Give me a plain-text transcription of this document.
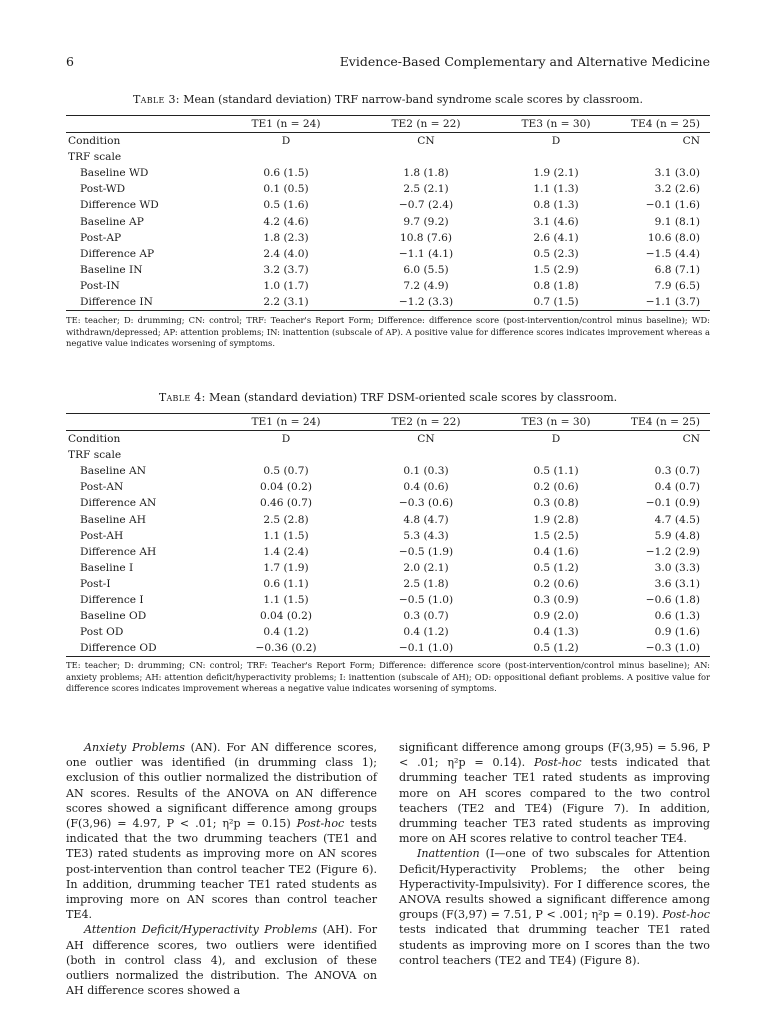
6	Evidence-Based Complementary and Alternative Medicine
Table 3: Mean (standard deviation) TRF narrow-band syndrome scale scores by classroom.
	TE1 (n = 24)	TE2 (n = 22)	TE3 (n = 30)	TE4 (n = 25)
Condition	D	CN	D	CN
TRF scale				
Baseline WD	0.6 (1.5)	1.8 (1.8)	1.9 (2.1)	3.1 (3.0)
Post-WD	0.1 (0.5)	2.5 (2.1)	1.1 (1.3)	3.2 (2.6)
Difference WD	0.5 (1.6)	−0.7 (2.4)	0.8 (1.3)	−0.1 (1.6)
Baseline AP	4.2 (4.6)	9.7 (9.2)	3.1 (4.6)	9.1 (8.1)
Post-AP	1.8 (2.3)	10.8 (7.6)	2.6 (4.1)	10.6 (8.0)
Difference AP	2.4 (4.0)	−1.1 (4.1)	0.5 (2.3)	−1.5 (4.4)
Baseline IN	3.2 (3.7)	6.0 (5.5)	1.5 (2.9)	6.8 (7.1)
Post-IN	1.0 (1.7)	7.2 (4.9)	0.8 (1.8)	7.9 (6.5)
Difference IN	2.2 (3.1)	−1.2 (3.3)	0.7 (1.5)	−1.1 (3.7)
TE: teacher; D: drumming; CN: control; TRF: Teacher's Report Form; Difference: difference score (post-intervention/control minus baseline); WD: withdrawn/depressed; AP: attention problems; IN: inattention (subscale of AP). A positive value for difference scores indicates improvement whereas a negative value indicates worsening of symptoms.
Table 4: Mean (standard deviation) TRF DSM-oriented scale scores by classroom.
	TE1 (n = 24)	TE2 (n = 22)	TE3 (n = 30)	TE4 (n = 25)
Condition	D	CN	D	CN
TRF scale				
Baseline AN	0.5 (0.7)	0.1 (0.3)	0.5 (1.1)	0.3 (0.7)
Post-AN	0.04 (0.2)	0.4 (0.6)	0.2 (0.6)	0.4 (0.7)
Difference AN	0.46 (0.7)	−0.3 (0.6)	0.3 (0.8)	−0.1 (0.9)
Baseline AH	2.5 (2.8)	4.8 (4.7)	1.9 (2.8)	4.7 (4.5)
Post-AH	1.1 (1.5)	5.3 (4.3)	1.5 (2.5)	5.9 (4.8)
Difference AH	1.4 (2.4)	−0.5 (1.9)	0.4 (1.6)	−1.2 (2.9)
Baseline I	1.7 (1.9)	2.0 (2.1)	0.5 (1.2)	3.0 (3.3)
Post-I	0.6 (1.1)	2.5 (1.8)	0.2 (0.6)	3.6 (3.1)
Difference I	1.1 (1.5)	−0.5 (1.0)	0.3 (0.9)	−0.6 (1.8)
Baseline OD	0.04 (0.2)	0.3 (0.7)	0.9 (2.0)	0.6 (1.3)
Post OD	0.4 (1.2)	0.4 (1.2)	0.4 (1.3)	0.9 (1.6)
Difference OD	−0.36 (0.2)	−0.1 (1.0)	0.5 (1.2)	−0.3 (1.0)
TE: teacher; D: drumming; CN: control; TRF: Teacher's Report Form; Difference: difference score (post-intervention/control minus baseline); AN: anxiety problems; AH: attention deficit/hyperactivity problems; I: inattention (subscale of AH); OD: oppositional defiant problems. A positive value for difference scores indicates improvement whereas a negative value indicates worsening of symptoms.

Anxiety Problems (AN). For AN difference scores, one outlier was identified (in drumming class 1); exclusion of this outlier normalized the distribution of AN scores. Results of the ANOVA on AN difference scores showed a significant difference among groups (F(3,96) = 4.97, P < .01; η²p = 0.15) Post-hoc tests indicated that the two drumming teachers (TE1 and TE3) rated students as improving more on AN scores post-intervention than control teacher TE2 (Figure 6). In addition, drumming teacher TE1 rated students as improving more on AN scores than control teacher TE4.

Attention Deficit/Hyperactivity Problems (AH). For AH difference scores, two outliers were identified (both in control class 4), and exclusion of these outliers normalized the distribution. The ANOVA on AH difference scores showed a

significant difference among groups (F(3,95) = 5.96, P < .01; η²p = 0.14). Post-hoc tests indicated that drumming teacher TE1 rated students as improving more on AH scores compared to the two control teachers (TE2 and TE4) (Figure 7). In addition, drumming teacher TE3 rated students as improving more on AH scores relative to control teacher TE4.

Inattention (I—one of two subscales for Attention Deficit/Hyperactivity Problems; the other being Hyperactivity-Impulsivity). For I difference scores, the ANOVA results showed a significant difference among groups (F(3,97) = 7.51, P < .001; η²p = 0.19). Post-hoc tests indicated that drumming teacher TE1 rated students as improving more on I scores than the two control teachers (TE2 and TE4) (Figure 8).
